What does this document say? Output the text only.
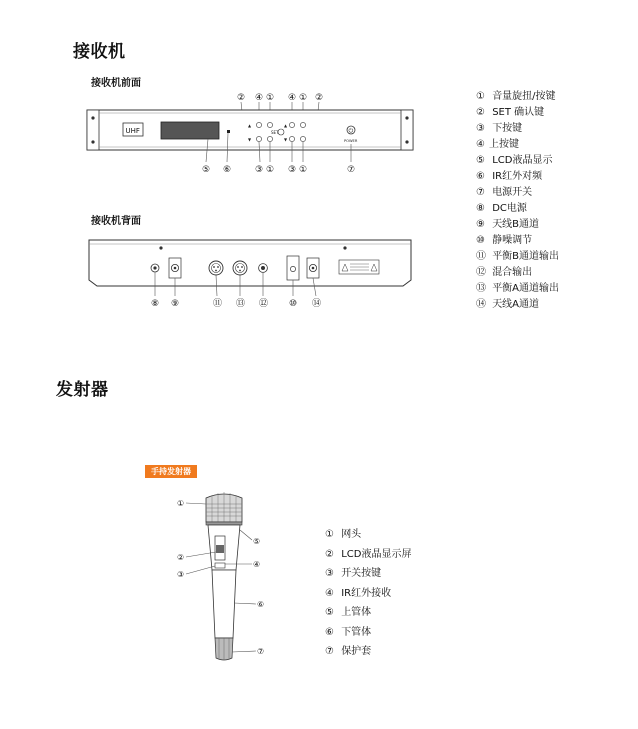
接收机
接收机前面
② ④ ① ④ ① ②
UHF
▲
▼
▲
▼
SET	⏻
POWER
⑤ ⑥	③ ① ③ ①	⑦
接收机背面
⑧ ⑨	⑪ ⑬ ⑫ ⑩ ⑭
① 音量旋扭/按键
② SET 确认键
③ 下按键
④ 上按键
⑤ LCD液晶显示
⑥ IR红外对频
⑦ 电源开关
⑧ DC电源
⑨ 天线B通道
⑩ 静噪调节
⑪ 平衡B通道输出
⑫ 混合输出
⑬ 平衡A通道输出
⑭ 天线A通道
发射器
手持发射器
①
⑤
②
④
③
⑥
⑦
① 网头
② LCD液晶显示屏
③ 开关按键
④ IR红外接收
⑤ 上管体
⑥ 下管体
⑦ 保护套
